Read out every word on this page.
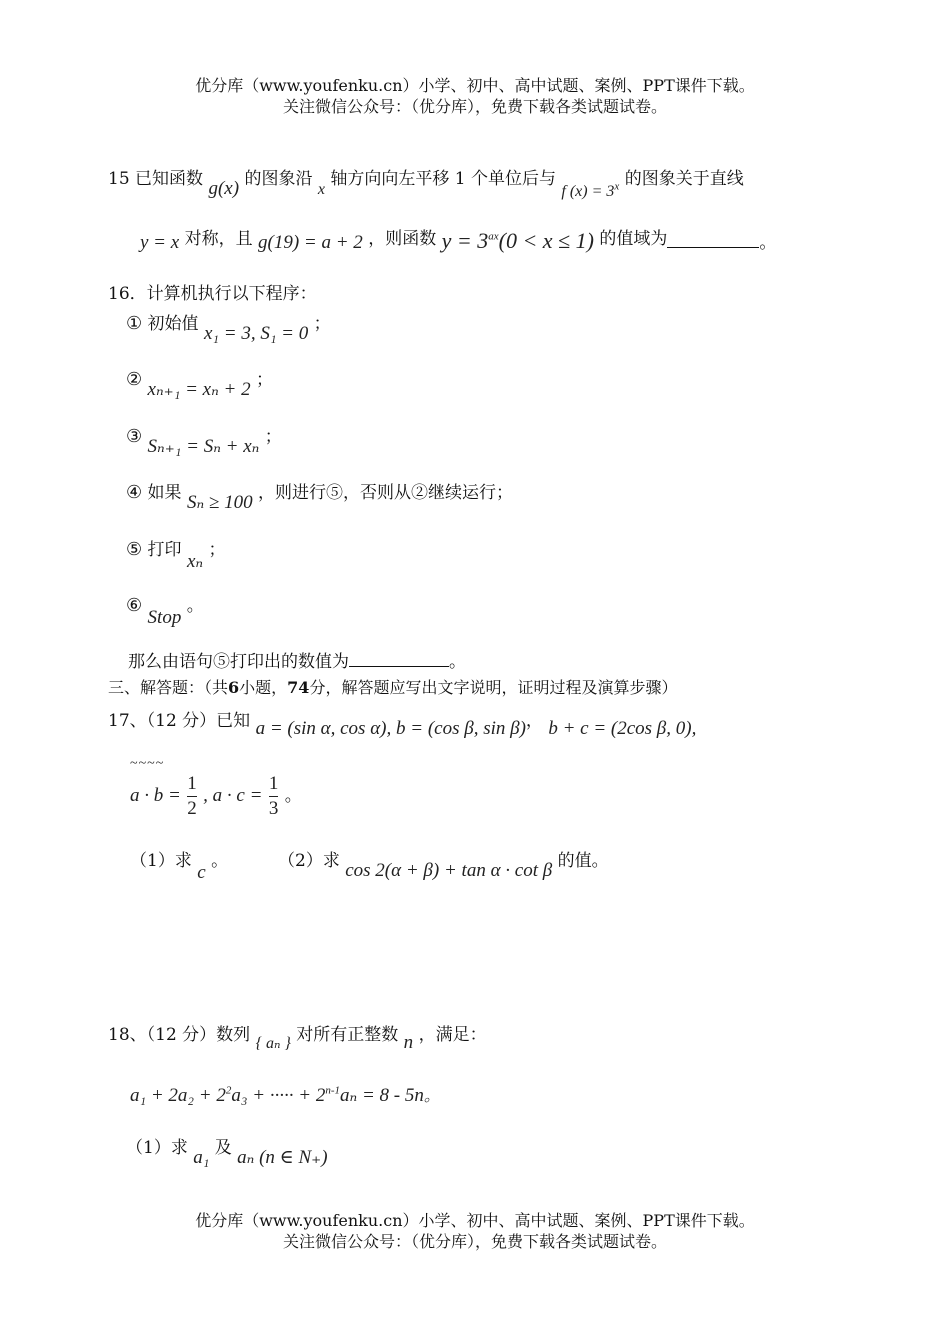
优分库（www.youfenku.cn）小学、初中、高中试题、案例、PPT课件下载。
关注微信公众号：（优分库），免费下载各类试题试卷。
15 已知函数 g(x) 的图象沿 x 轴方向向左平移 1 个单位后与 f $(x) = 3^x$ 的图象关于直线
y = x 对称，且 g(19) = a + 2 ，则函数 $y = 3^{ax}(0 < x \le 1)$ 的值域为	。
16．计算机执行以下程序：
① 初始值 x₁ = 3, S₁ = 0 ；
② xₙ₊₁ = xₙ + 2 ；
③ Sₙ₊₁ = Sₙ + xₙ ；
④ 如果 Sₙ ≥ 100 ，则进行⑤，否则从②继续运行；
⑤ 打印 xₙ ；
⑥ Stop 。
那么由语句⑤打印出的数值为	。
三、解答题：（共6小题，74分，解答题应写出文字说明，证明过程及演算步骤）
17、（12 分）已知 a = (sin α, cos α), b = (cos β, sin β)， b + c = (2cos β, 0),
~~~~
$a \cdot b = \frac{1}{2}$ , $a \cdot c = \frac{1}{3}$ 。
（1）求 c 。	（2）求 cos 2(α + β) + tan α · cot β 的值。
18、（12 分）数列 { aₙ } 对所有正整数 n ，满足：
$a_1 + 2a_2 + 2^2a_3$ + ····· + $2^{n-1}a_n = 8 - 5n$。
（1）求 a₁ 及 aₙ (n ∈ N₊)
优分库（www.youfenku.cn）小学、初中、高中试题、案例、PPT课件下载。
关注微信公众号：（优分库），免费下载各类试题试卷。
